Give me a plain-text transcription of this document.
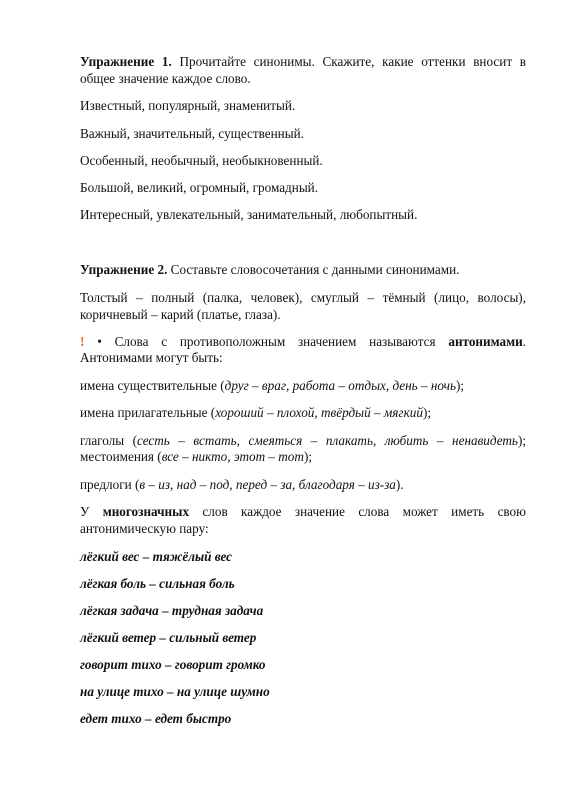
Упражнение 1. Прочитайте синонимы. Скажите, какие оттенки вносит в

общее значение каждое слово.

Известный, популярный, знаменитый.

Важный, значительный, существенный.

Особенный, необычный, необыкновенный.

Большой, великий, огромный, громадный.

Интересный, увлекательный, занимательный, любопытный.

Упражнение 2. Составьте словосочетания с данными синонимами.

Толстый – полный (палка, человек), смуглый – тёмный (лицо, волосы),

коричневый – карий (платье, глаза).

! • Слова с противоположным значением называются антонимами.

Антонимами могут быть:

имена существительные (друг – враг, работа – отдых, день – ночь);

имена прилагательные (хороший – плохой, твёрдый – мягкий);

глаголы (сесть – встать, смеяться – плакать, любить – ненавидеть);

местоимения (все – никто, этот – тот);

предлоги (в – из, над – под, перед – за, благодаря – из-за).

У многозначных слов каждое значение слова может иметь свою

антонимическую пару:

лёгкий вес – тяжёлый вес

лёгкая боль – сильная боль

лёгкая задача – трудная задача

лёгкий ветер – сильный ветер

говорит тихо – говорит громко

на улице тихо – на улице шумно

едет тихо – едет быстро
